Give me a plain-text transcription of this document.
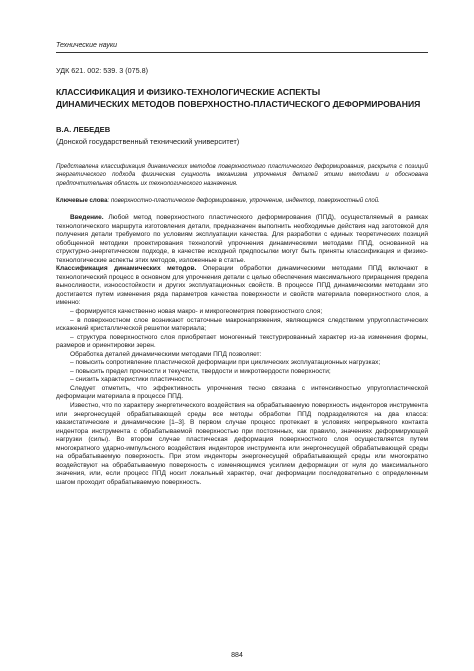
Технические науки
УДК 621. 002: 539. 3 (075.8)
КЛАССИФИКАЦИЯ И ФИЗИКО-ТЕХНОЛОГИЧЕСКИЕ АСПЕКТЫ
ДИНАМИЧЕСКИХ МЕТОДОВ ПОВЕРХНОСТНО-ПЛАСТИЧЕСКОГО ДЕФОРМИРОВАНИЯ
В.А. ЛЕБЕДЕВ
(Донской государственный технический университет)
Представлена классификация динамических методов поверхностного пластического деформирования, раскрыта с позиций энергетического подхода физическая сущность механизма упрочнения деталей этими методами и обоснована предпочтительная область их технологического назначения.
Ключевые слова: поверхностно-пластическое деформирование, упрочнение, индентор, поверхностный слой.

Введение. Любой метод поверхностного пластического деформирования (ППД), осуществляемый в рамках технологического маршрута изготовления детали, предназначен выполнить необходимые действия над заготовкой для получения детали требуемого по условиям эксплуатации качества. Для разработки с единых теоретических позиций обобщенной методики проектирования технологий упрочнения динамическими методами ППД, основанной на структурно-энергетическом подходе, в качестве исходной предпосылки могут быть приняты классификация и физико-технологические аспекты этих методов, изложенные в статье.

Классификация динамических методов. Операции обработки динамическими методами ППД включают в технологический процесс в основном для упрочнения детали с целью обеспечения максимального приращения предела выносливости, износостойкости и других эксплуатационных свойств. В процессе ППД динамическими методами это достигается путем изменения ряда параметров качества поверхности и свойств материала поверхностного слоя, а именно:

– формируется качественно новая макро- и микрогеометрия поверхностного слоя;

– в поверхностном слое возникают остаточные макронапряжения, являющиеся следствием упругопластических искажений кристаллической решетки материала;

– структура поверхностного слоя приобретает моногенный текстурированный характер из-за изменения формы, размеров и ориентировки зерен.

Обработка деталей динамическими методами ППД позволяет:

– повысить сопротивление пластической деформации при циклических эксплуатационных нагрузках;

– повысить предел прочности и текучести, твердости и микротвердости поверхности;

– снизить характеристики пластичности.

Следует отметить, что эффективность упрочнения тесно связана с интенсивностью упругопластической деформации материала в процессе ППД.

Известно, что по характеру энергетического воздействия на обрабатываемую поверхность инденторов инструмента или энергонесущей обрабатывающей среды все методы обработки ППД подразделяются на два класса: квазистатические и динамические [1–3]. В первом случае процесс протекает в условиях непрерывного контакта индентора инструмента с обрабатываемой поверхностью при постоянных, как правило, значениях деформирующей нагрузки (силы). Во втором случае пластическая деформация поверхностного слоя осуществляется путем многократного ударно-импульсного воздействия инденторов инструмента или энергонесущей обрабатывающей среды на обрабатываемую поверхность. При этом инденторы энергонесущей обрабатывающей среды или многократно воздействуют на обрабатываемую поверхность с изменяющимся усилием деформации от нуля до максимального значения, или, если процесс ППД носит локальный характер, очаг деформации последовательно с определенным шагом проходит обрабатываемую поверхность.

884
